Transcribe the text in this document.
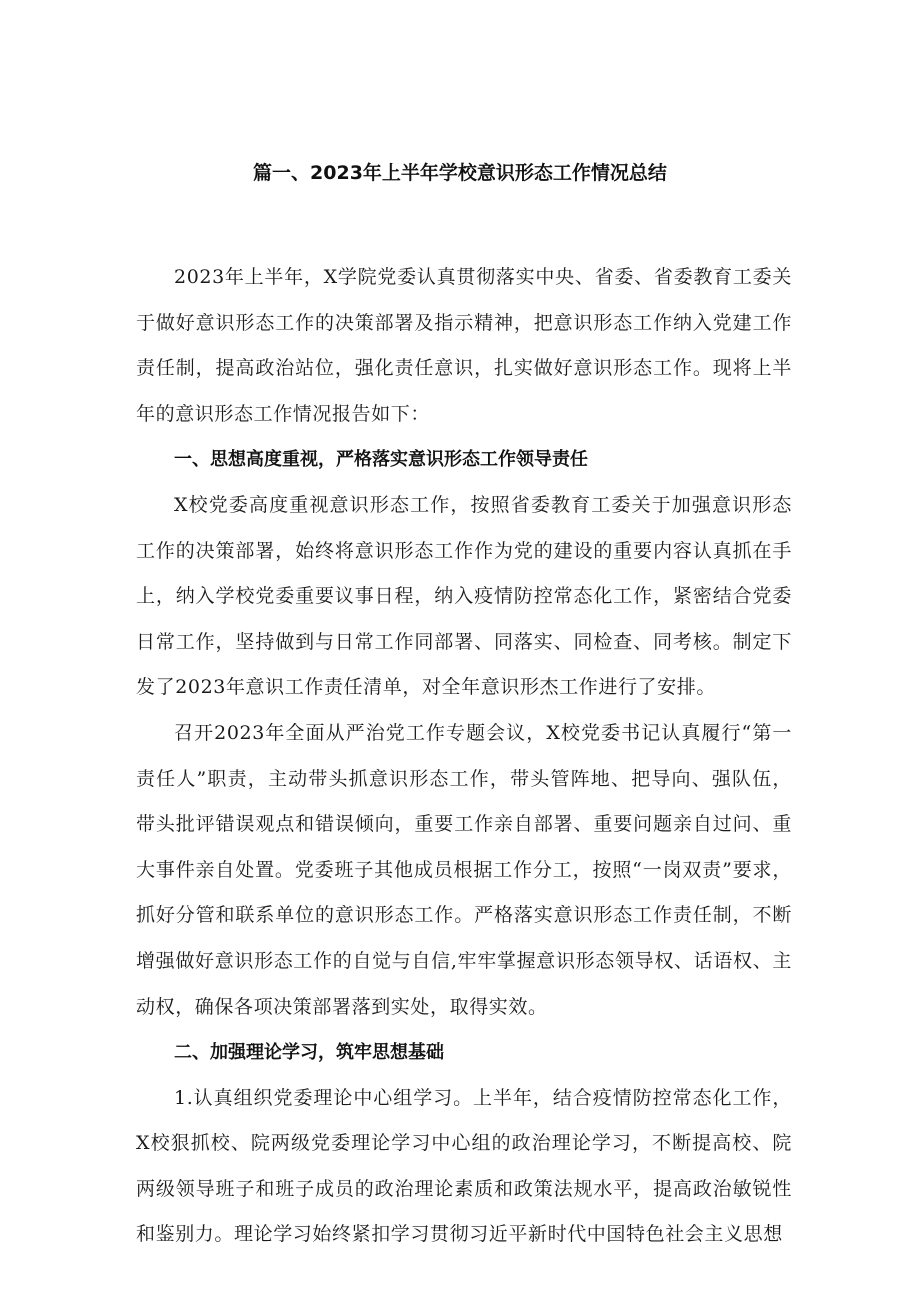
篇一、2023年上半年学校意识形态工作情况总结

2023年上半年，X学院党委认真贯彻落实中央、省委、省委教育工委关于做好意识形态工作的决策部署及指示精神，把意识形态工作纳入党建工作责任制，提高政治站位，强化责任意识，扎实做好意识形态工作。现将上半年的意识形态工作情况报告如下：

一、思想高度重视，严格落实意识形态工作领导责任

X校党委高度重视意识形态工作，按照省委教育工委关于加强意识形态工作的决策部署，始终将意识形态工作作为党的建设的重要内容认真抓在手上，纳入学校党委重要议事日程，纳入疫情防控常态化工作，紧密结合党委日常工作，坚持做到与日常工作同部署、同落实、同检查、同考核。制定下发了2023年意识工作责任清单，对全年意识形杰工作进行了安排。

召开2023年全面从严治党工作专题会议，X校党委书记认真履行“第一责任人”职责，主动带头抓意识形态工作，带头管阵地、把导向、强队伍，带头批评错误观点和错误倾向，重要工作亲自部署、重要问题亲自过问、重大事件亲自处置。党委班子其他成员根据工作分工，按照“一岗双责”要求，抓好分管和联系单位的意识形态工作。严格落实意识形态工作责任制，不断增强做好意识形态工作的自觉与自信,牢牢掌握意识形态领导权、话语权、主动权，确保各项决策部署落到实处，取得实效。

二、加强理论学习，筑牢思想基础

1.认真组织党委理论中心组学习。上半年，结合疫情防控常态化工作，X校狠抓校、院两级党委理论学习中心组的政治理论学习，不断提高校、院两级领导班子和班子成员的政治理论素质和政策法规水平，提高政治敏锐性和鉴别力。理论学习始终紧扣学习贯彻习近平新时代中国特色社会主义思想
